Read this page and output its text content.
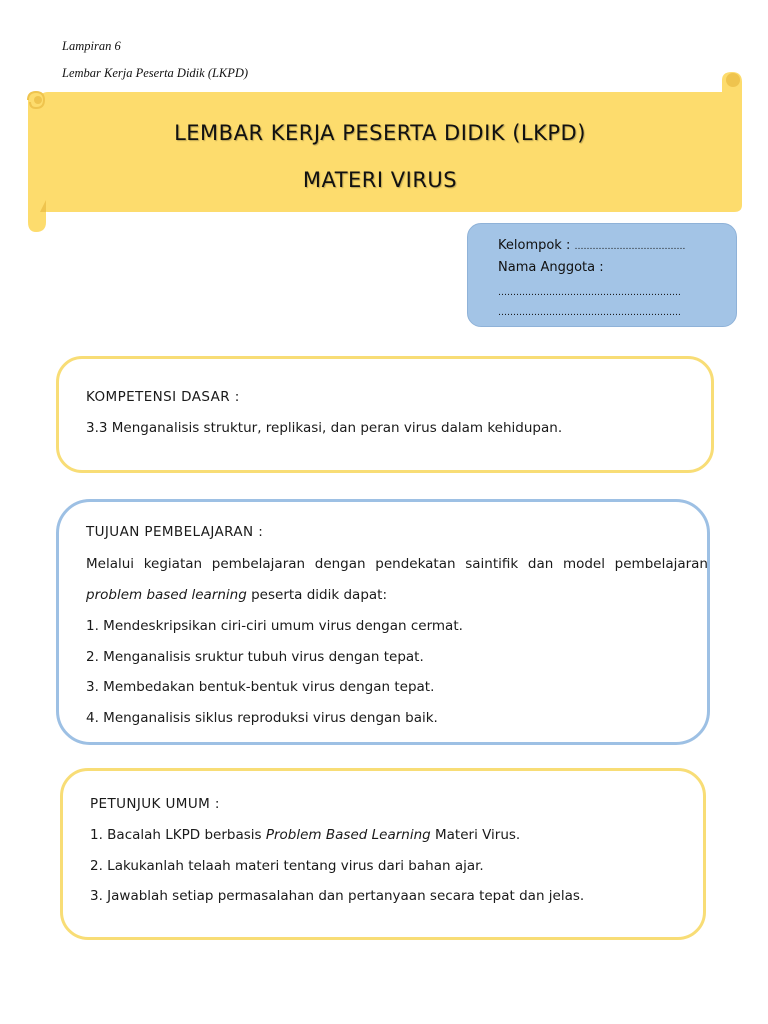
Lampiran 6
Lembar Kerja Peserta Didik (LKPD)
LEMBAR KERJA PESERTA DIDIK (LKPD)
MATERI VIRUS
Kelompok : ……………………………….
Nama Anggota :
…………………………………………………….
…………………………………………………….
KOMPETENSI DASAR :
3.3 Menganalisis struktur, replikasi, dan peran virus dalam kehidupan.
TUJUAN PEMBELAJARAN :
Melalui kegiatan pembelajaran dengan pendekatan saintifik dan model pembelajaran
problem based learning peserta didik dapat:
1. Mendeskripsikan ciri-ciri umum virus dengan cermat.
2. Menganalisis sruktur tubuh virus dengan tepat.
3. Membedakan bentuk-bentuk virus dengan tepat.
4. Menganalisis siklus reproduksi virus dengan baik.
PETUNJUK UMUM :
1. Bacalah LKPD berbasis Problem Based Learning Materi Virus.
2. Lakukanlah telaah materi tentang virus dari bahan ajar.
3. Jawablah setiap permasalahan dan pertanyaan secara tepat dan jelas.
